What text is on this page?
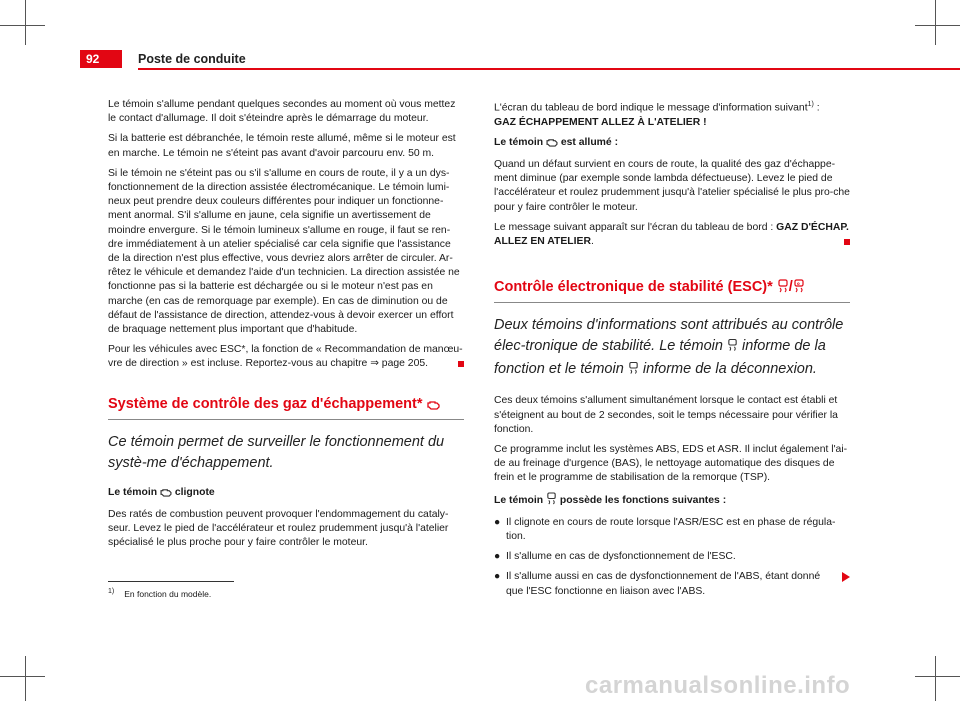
92	Poste de conduite

Le témoin s'allume pendant quelques secondes au moment où vous mettez le contact d'allumage. Il doit s'éteindre après le démarrage du moteur.

Si la batterie est débranchée, le témoin reste allumé, même si le moteur est en marche. Le témoin ne s'éteint pas avant d'avoir parcouru env. 50 m.

Si le témoin ne s'éteint pas ou s'il s'allume en cours de route, il y a un dys-fonctionnement de la direction assistée électromécanique. Le témoin lumi-neux peut prendre deux couleurs différentes pour indiquer un fonctionne-ment anormal. S'il s'allume en jaune, cela signifie un avertissement de moindre envergure. Si le témoin lumineux s'allume en rouge, il faut se ren-dre immédiatement à un atelier spécialisé car cela signifie que l'assistance de la direction n'est plus effective, vous devriez alors arrêter de circuler. Ar-rêtez le véhicule et demandez l'aide d'un technicien. La direction assistée ne fonctionne pas si la batterie est déchargée ou si le moteur n'est pas en marche (en cas de remorquage par exemple). En cas de diminution ou de défaut de l'assistance de direction, attendez-vous à devoir exercer un effort de braquage nettement plus important que d'habitude.

Pour les véhicules avec ESC*, la fonction de « Recommandation de manœu-vre de direction » est incluse. Reportez-vous au chapitre ⇒ page 205.

Système de contrôle des gaz d'échappement*
Ce témoin permet de surveiller le fonctionnement du systè-me d'échappement.

Le témoin clignote

Des ratés de combustion peuvent provoquer l'endommagement du cataly-seur. Levez le pied de l'accélérateur et roulez prudemment jusqu'à l'atelier spécialisé le plus proche pour y faire contrôler le moteur.

L'écran du tableau de bord indique le message d'information suivant$^{1)}$ :
GAZ ÉCHAPPEMENT ALLEZ À L'ATELIER !

Le témoin est allumé :

Quand un défaut survient en cours de route, la qualité des gaz d'échappe-ment diminue (par exemple sonde lambda défectueuse). Levez le pied de l'accélérateur et roulez prudemment jusqu'à l'atelier spécialisé le plus pro-che pour y faire contrôler le moteur.

Le message suivant apparaît sur l'écran du tableau de bord : GAZ D'ÉCHAP. ALLEZ EN ATELIER.

Contrôle électronique de stabilité (ESC)* / o
Deux témoins d'informations sont attribués au contrôle élec-tronique de stabilité. Le témoin informe de la fonction et le témoin informe de la déconnexion.

Ces deux témoins s'allument simultanément lorsque le contact est établi et s'éteignent au bout de 2 secondes, soit le temps nécessaire pour vérifier la fonction.

Ce programme inclut les systèmes ABS, EDS et ASR. Il inclut également l'ai-de au freinage d'urgence (BAS), le nettoyage automatique des disques de frein et le programme de stabilisation de la remorque (TSP).

Le témoin possède les fonctions suivantes :

● Il clignote en cours de route lorsque l'ASR/ESC est en phase de régula-tion.
● Il s'allume en cas de dysfonctionnement de l'ESC.
● Il s'allume aussi en cas de dysfonctionnement de l'ABS, étant donné que l'ESC fonctionne en liaison avec l'ABS.
$^{1)}$ En fonction du modèle.
carmanualsonline.info
